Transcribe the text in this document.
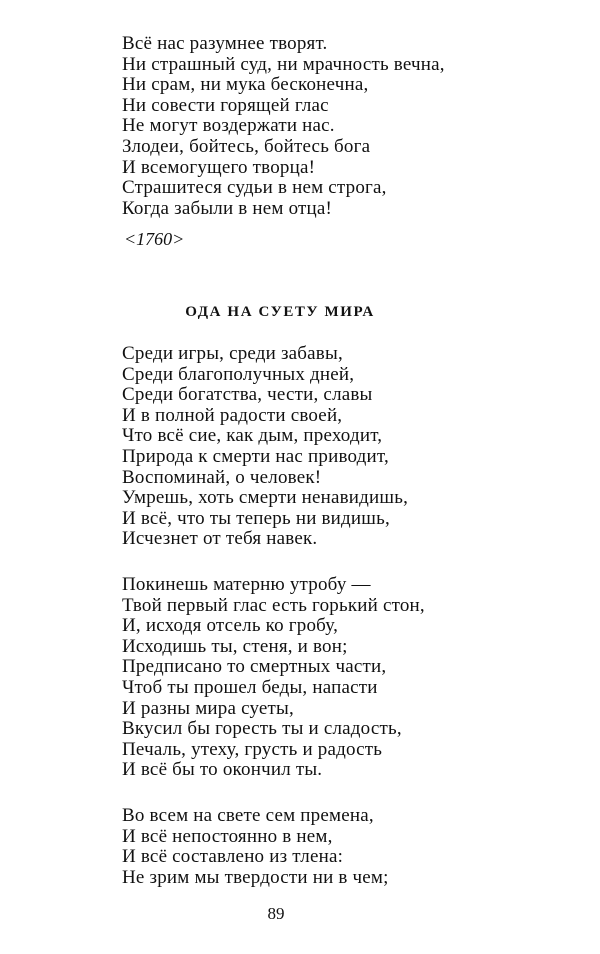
Всё нас разумнее творят.
Ни страшный суд, ни мрачность вечна,
Ни срам, ни мука бесконечна,
Ни совести горящей глас
Не могут воздержати нас.
Злодеи, бойтесь, бойтесь бога
И всемогущего творца!
Страшитеся судьи в нем строга,
Когда забыли в нем отца!
<1760>
ОДА НА СУЕТУ МИРА
Среди игры, среди забавы,
Среди благополучных дней,
Среди богатства, чести, славы
И в полной радости своей,
Что всё сие, как дым, преходит,
Природа к смерти нас приводит,
Воспоминай, о человек!
Умрешь, хоть смерти ненавидишь,
И всё, что ты теперь ни видишь,
Исчезнет от тебя навек.
Покинешь матерню утробу —
Твой первый глас есть горький стон,
И, исходя отсель ко гробу,
Исходишь ты, стеня, и вон;
Предписано то смертных части,
Чтоб ты прошел беды, напасти
И разны мира суеты,
Вкусил бы горесть ты и сладость,
Печаль, утеху, грусть и радость
И всё бы то окончил ты.
Во всем на свете сем премена,
И всё непостоянно в нем,
И всё составлено из тлена:
Не зрим мы твердости ни в чем;
89
